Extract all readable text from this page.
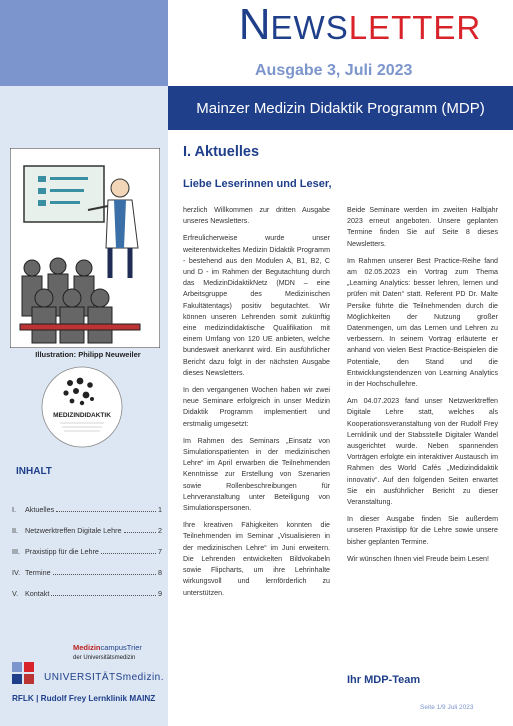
NEWSLETTER
Ausgabe 3, Juli 2023
Mainzer Medizin Didaktik Programm (MDP)
Illustration: Philipp Neuweiler
MEDIZINDIDAKTIK
INHALT
I.	Aktuelles	1
II. Netzwerktreffen Digitale Lehre	2
III. Praxistipp für die Lehre	7
IV. Termine	8
V. Kontakt	9
MedizincampusTrier
der Universitätsmedizin
UNIVERSITÄTSmedizin.
RFLK | Rudolf Frey Lernklinik MAINZ
I. Aktuelles
Liebe Leserinnen und Leser,

herzlich Willkommen zur dritten Ausgabe unseres Newsletters.

Erfreulicherweise wurde unser weiterentwickeltes Medizin Didaktik Programm - bestehend aus den Modulen A, B1, B2, C und D - im Rahmen der Begutachtung durch das MedizinDidaktikNetz (MDN – eine Arbeitsgruppe des Medizinischen Fakultätentags) positiv begutachtet. Wir können unseren Lehrenden somit zukünftig eine medizindidaktische Qualifikation mit einem Umfang von 120 UE anbieten, welche bundesweit anerkannt wird. Ein ausführlicher Bericht dazu folgt in der nächsten Ausgabe dieses Newsletters.

In den vergangenen Wochen haben wir zwei neue Seminare erfolgreich in unser Medizin Didaktik Programm implementiert und erstmalig umgesetzt:

Im Rahmen des Seminars „Einsatz von Simulationspatienten in der medizinischen Lehre“ im April erwarben die Teilnehmenden Kenntnisse zur Erstellung von Szenarien sowie Rollenbeschreibungen für Lehrveranstaltung unter Beteiligung von Simulationspersonen.

Ihre kreativen Fähigkeiten konnten die Teilnehmenden im Seminar „Visualisieren in der medizinischen Lehre“ im Juni erweitern. Die Lehrenden entwickelten Bildvokabeln sowie Flipcharts, um ihre Lehrinhalte wirkungsvoll und lernförderlich zu unterstützen.

Beide Seminare werden im zweiten Halbjahr 2023 erneut angeboten. Unsere geplanten Termine finden Sie auf Seite 8 dieses Newsletters.

Im Rahmen unserer Best Practice-Reihe fand am 02.05.2023 ein Vortrag zum Thema „Learning Analytics: besser lehren, lernen und prüfen mit Daten“ statt. Referent PD Dr. Malte Persike führte die Teilnehmenden durch die Möglichkeiten der Nutzung großer Datenmengen, um das Lernen und Lehren zu verbessern. In seinem Vortrag erläuterte er anhand von vielen Best Practice-Beispielen die Potentiale, den Stand und die Entwicklungstendenzen von Learning Analytics in der Hochschullehre.

Am 04.07.2023 fand unser Netzwerktreffen Digitale Lehre statt, welches als Kooperationsveranstaltung von der Rudolf Frey Lernklinik und der Stabsstelle Digitaler Wandel ausgerichtet wurde. Neben spannenden Vorträgen erfolgte ein interaktiver Austausch im Rahmen des World Cafés „Medizindidaktik innovativ“. Auf den folgenden Seiten erwartet Sie ein ausführlicher Bericht zu dieser Veranstaltung.

In dieser Ausgabe finden Sie außerdem unseren Praxistipp für die Lehre sowie unsere bisher geplanten Termine.

Wir wünschen Ihnen viel Freude beim Lesen!

Ihr MDP-Team
Seite 1/9 Juli 2023
